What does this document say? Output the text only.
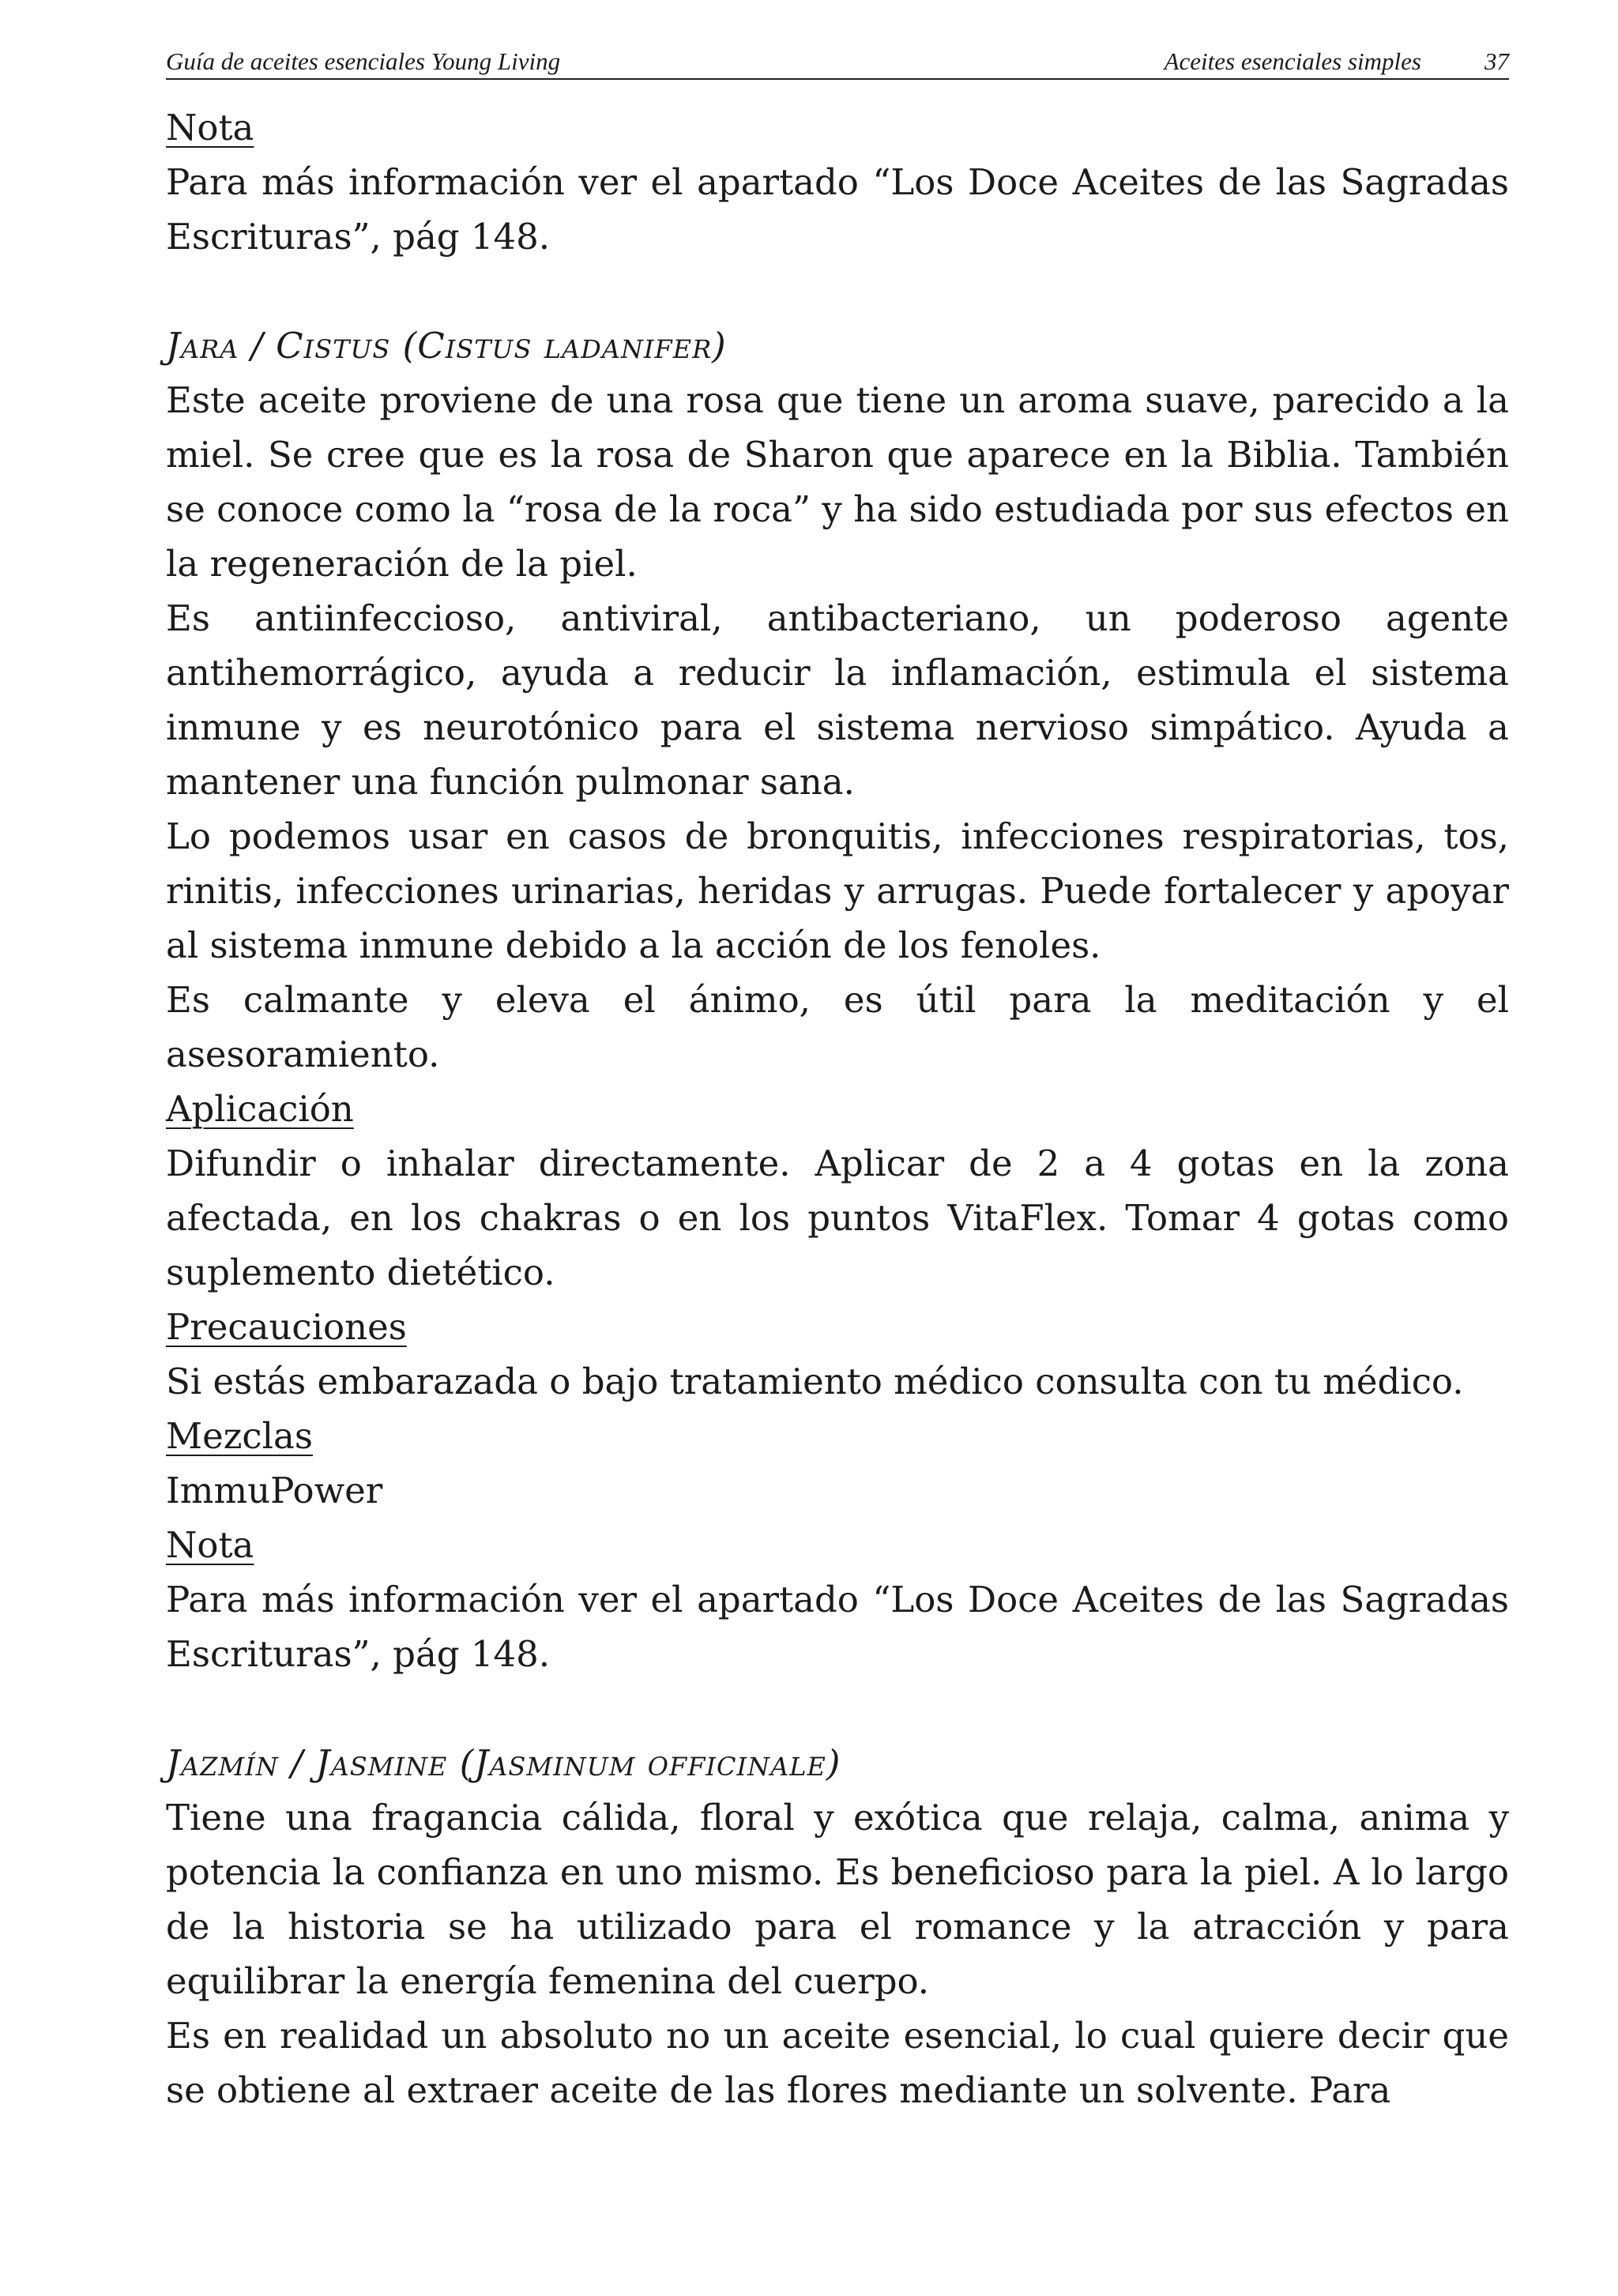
Guía de aceites esenciales Young Living	Aceites esenciales simples	37
Nota

Para más información ver el apartado “Los Doce Aceites de las Sagradas Escrituras”, pág 148.

Jara / Cistus (Cistus ladanifer)

Este aceite proviene de una rosa que tiene un aroma suave, parecido a la miel. Se cree que es la rosa de Sharon que aparece en la Biblia. También se conoce como la “rosa de la roca” y ha sido estudiada por sus efectos en la regeneración de la piel.

Es antiinfeccioso, antiviral, antibacteriano, un poderoso agente antihemorrágico, ayuda a reducir la inflamación, estimula el sistema inmune y es neurotónico para el sistema nervioso simpático. Ayuda a mantener una función pulmonar sana.

Lo podemos usar en casos de bronquitis, infecciones respiratorias, tos, rinitis, infecciones urinarias, heridas y arrugas. Puede fortalecer y apoyar al sistema inmune debido a la acción de los fenoles.

Es calmante y eleva el ánimo, es útil para la meditación y el asesoramiento.

Aplicación

Difundir o inhalar directamente. Aplicar de 2 a 4 gotas en la zona afectada, en los chakras o en los puntos VitaFlex. Tomar 4 gotas como suplemento dietético.

Precauciones

Si estás embarazada o bajo tratamiento médico consulta con tu médico.

Mezclas

ImmuPower

Nota

Para más información ver el apartado “Los Doce Aceites de las Sagradas Escrituras”, pág 148.

Jazmín / Jasmine (Jasminum officinale)

Tiene una fragancia cálida, floral y exótica que relaja, calma, anima y potencia la confianza en uno mismo. Es beneficioso para la piel. A lo largo de la historia se ha utilizado para el romance y la atracción y para equilibrar la energía femenina del cuerpo.

Es en realidad un absoluto no un aceite esencial, lo cual quiere decir que se obtiene al extraer aceite de las flores mediante un solvente. Para
